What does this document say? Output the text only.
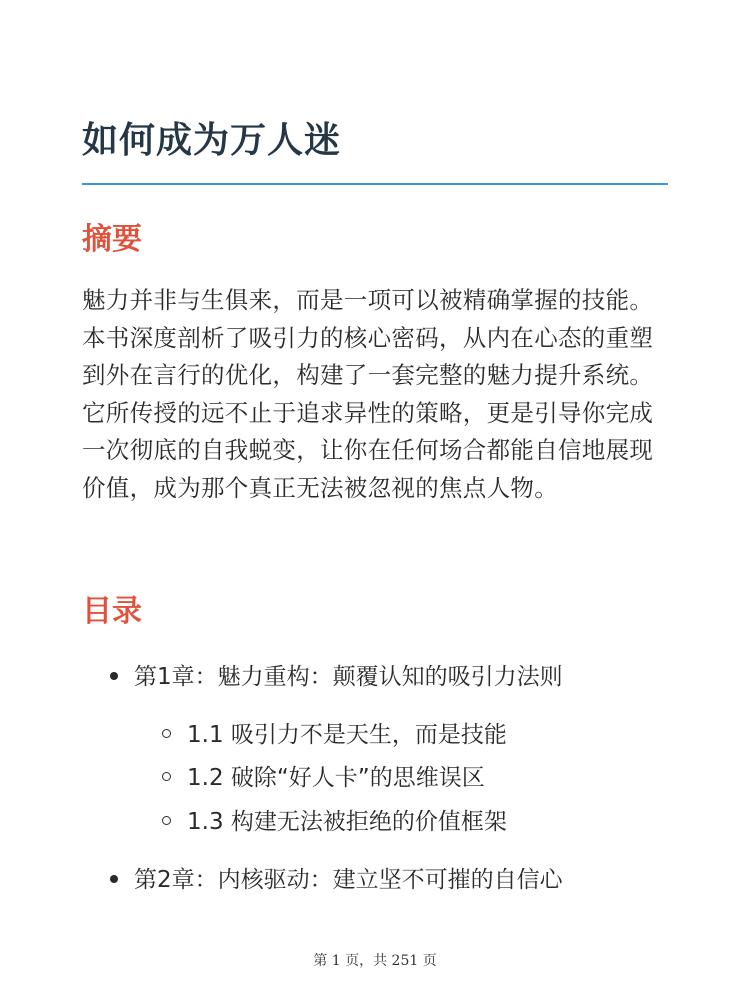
如何成为万人迷
摘要

魅力并非与生俱来，而是一项可以被精确掌握的技能。本书深度剖析了吸引力的核心密码，从内在心态的重塑到外在言行的优化，构建了一套完整的魅力提升系统。它所传授的远不止于追求异性的策略，更是引导你完成一次彻底的自我蜕变，让你在任何场合都能自信地展现价值，成为那个真正无法被忽视的焦点人物。

目录
第1章：魅力重构：颠覆认知的吸引力法则
1.1 吸引力不是天生，而是技能
1.2 破除“好人卡”的思维误区
1.3 构建无法被拒绝的价值框架
第2章：内核驱动：建立坚不可摧的自信心
第 1 页，共 251 页
